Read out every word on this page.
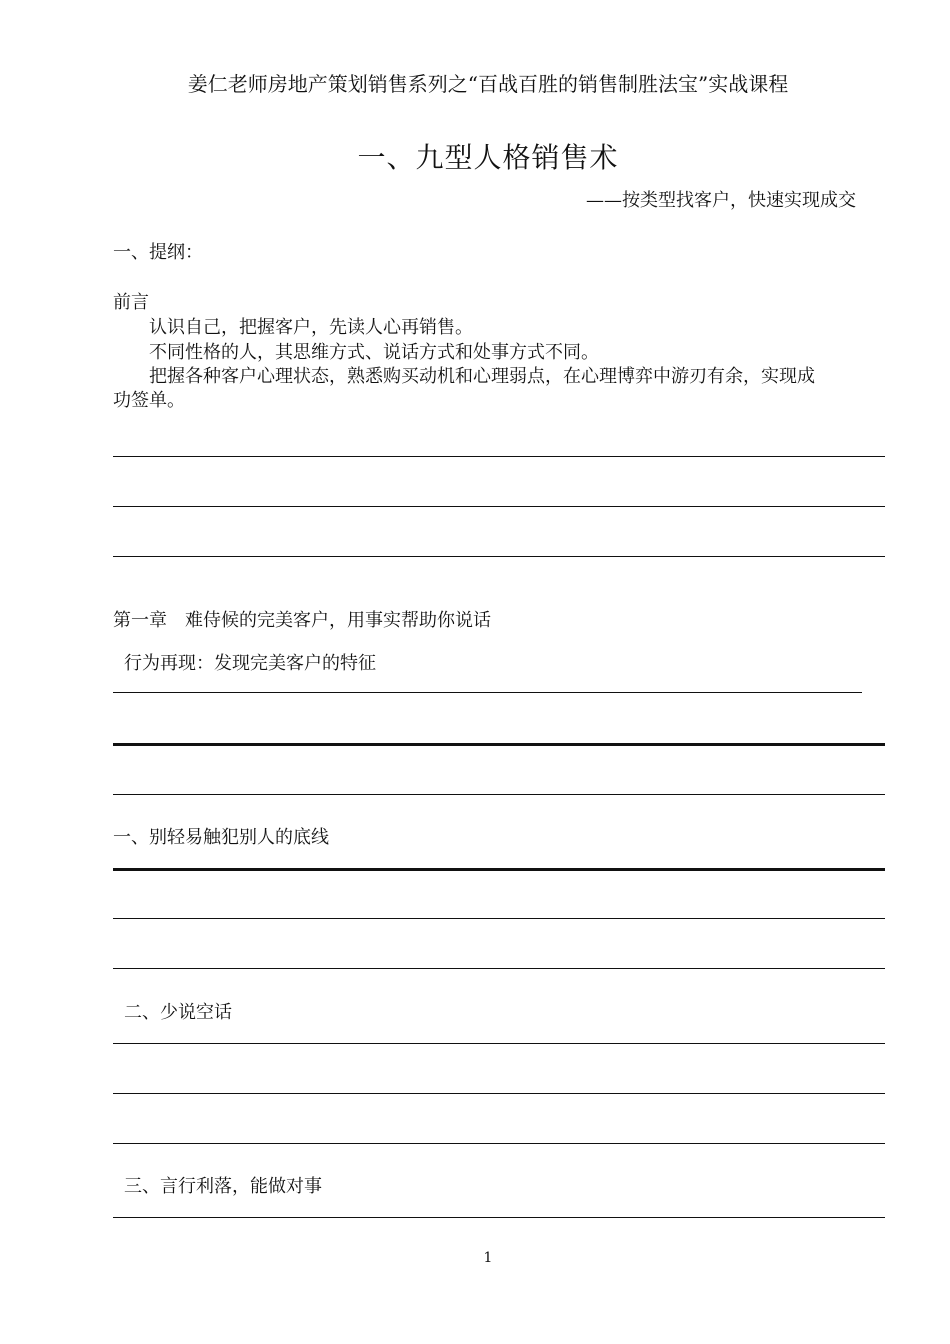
姜仁老师房地产策划销售系列之“百战百胜的销售制胜法宝”实战课程
一、九型人格销售术
——按类型找客户，快速实现成交
一、提纲：
前言
认识自己，把握客户，先读人心再销售。
不同性格的人，其思维方式、说话方式和处事方式不同。
把握各种客户心理状态，熟悉购买动机和心理弱点，在心理博弈中游刃有余，实现成
功签单。
第一章　难侍候的完美客户，用事实帮助你说话
行为再现：发现完美客户的特征
一、别轻易触犯别人的底线
二、少说空话
三、言行利落，能做对事
1
